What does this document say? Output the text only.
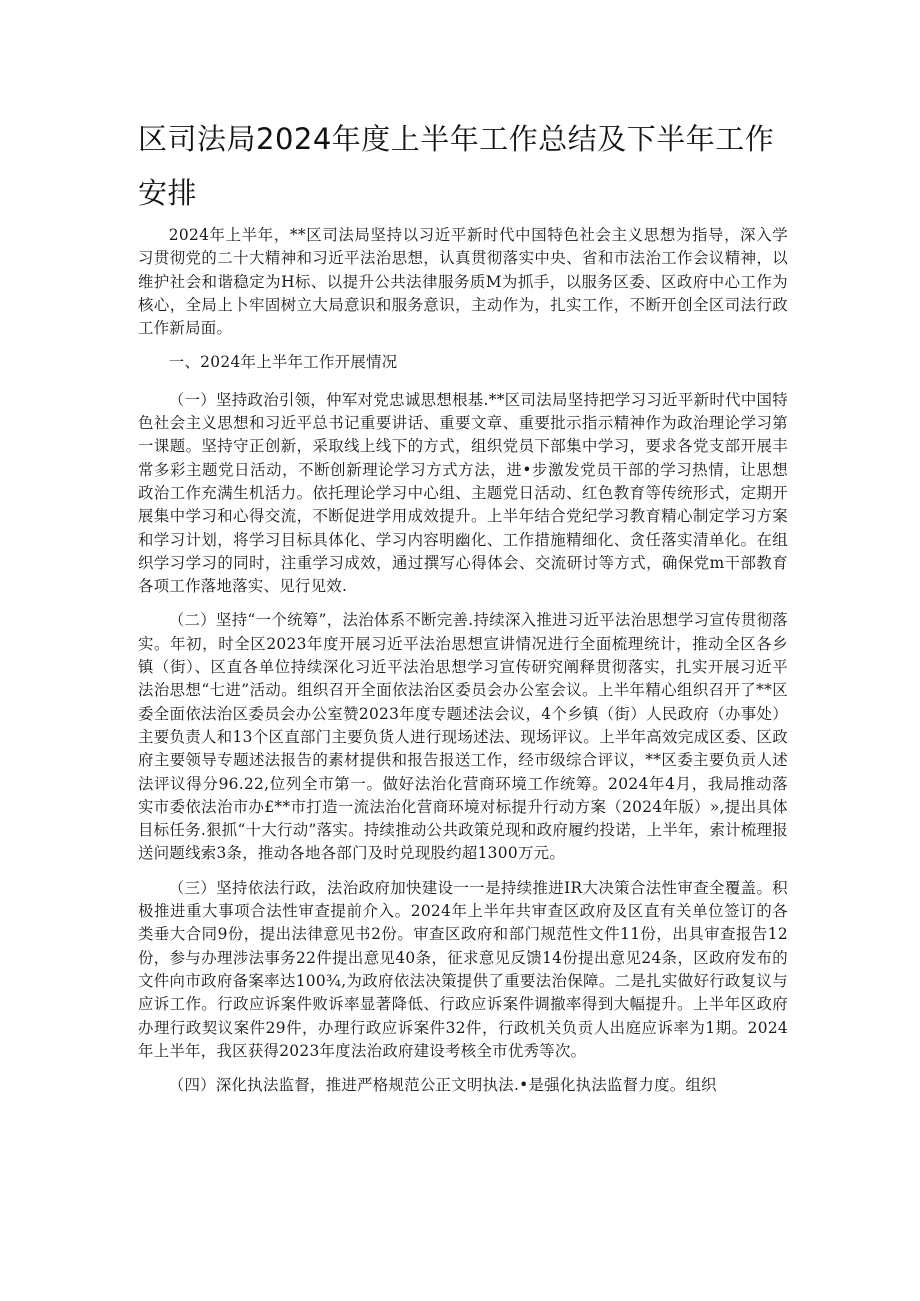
区司法局2024年度上半年工作总结及下半年工作安排

2024年上半年，**区司法局坚持以习近平新时代中国特色社会主义思想为指导，深入学习贯彻党的二十大精神和习近平法治思想，认真贯彻落实中央、省和市法治工作会议精神，以维护社会和谐稳定为H标、以提升公共法律服务质M为抓手，以服务区委、区政府中心工作为核心，全局上卜牢固树立大局意识和服务意识，主动作为，扎实工作，不断开创全区司法行政工作新局面。

一、2024年上半年工作开展情况

（一）坚持政治引领，仲军对党忠诚思想根基.**区司法局坚持把学习习近平新时代中国特色社会主义思想和习近平总书记重要讲话、重要文章、重要批示指示精神作为政治理论学习第一课题。坚持守正创新，采取线上线下的方式，组织党员下部集中学习，要求各党支部开展丰常多彩主题党日活动，不断创新理论学习方式方法，进•步激发党员干部的学习热情，让思想政治工作充满生机活力。依托理论学习中心组、主题党日活动、红色教育等传统形式，定期开展集中学习和心得交流，不断促进学用成效提升。上半年结合党纪学习教育精心制定学习方案和学习计划，将学习目标具体化、学习内容明幽化、工作措施精细化、贪任落实清单化。在组织学习学习的同时，注重学习成效，通过撰写心得体会、交流研讨等方式，确保党m干部教育各项工作落地落实、见行见效.

（二）坚持“一个统筹”，法治体系不断完善.持续深入推进习近平法治思想学习宣传贯彻落实。年初，时全区2023年度开展习近平法治思想宣讲情况进行全面梳理统计，推动全区各乡镇（街）、区直各单位持续深化习近平法治思想学习宣传研究阐释贯彻落实，扎实开展习近平法治思想“七进”活动。组织召开全面依法治区委员会办公室会议。上半年精心组织召开了**区委全面依法治区委员会办公室赞2023年度专题述法会议，4个乡镇（街）人民政府（办事处）主要负责人和13个区直部门主要负货人进行现场述法、现场评议。上半年高效完成区委、区政府主要领导专题述法报告的素材提供和报告报送工作，经市级综合评议，**区委主要负贡人述法评议得分96.22,位列全市第一。做好法治化营商环境工作统筹。2024年4月，我局推动落实市委依法治市办£**市打造一流法治化营商环境对标提升行动方案（2024年版）»,提出具体目标任务.狠抓“十大行动”落实。持续推动公共政策兑现和政府履约投诺，上半年，索计梳理报送问题线索3条，推动各地各部门及时兑现股约超1300万元。

（三）坚持依法行政，法治政府加快建设一一是持续推进IR大决策合法性审查全覆盖。积极推进重大事项合法性审查提前介入。2024年上半年共审查区政府及区直有关单位签订的各类垂大合同9份，提出法律意见书2份。审查区政府和部门规范性文件11份，出具审查报告12份，参与办理涉法事务22件提出意见40条，征求意见反馈14份提出意见24条，区政府发布的文件向市政府备案率达100¾,为政府依法决策提供了重要法治保障。二是扎实做好行政复议与应诉工作。行政应诉案件败诉率显著降低、行政应诉案件调撤率得到大幅提升。上半年区政府办理行政契议案件29件，办理行政应诉案件32件，行政机关负贡人出庭应诉率为1期。2024年上半年，我区获得2023年度法治政府建设考核全市优秀等次。

（四）深化执法监督，推进严格规范公正文明执法.•是强化执法监督力度。组织
